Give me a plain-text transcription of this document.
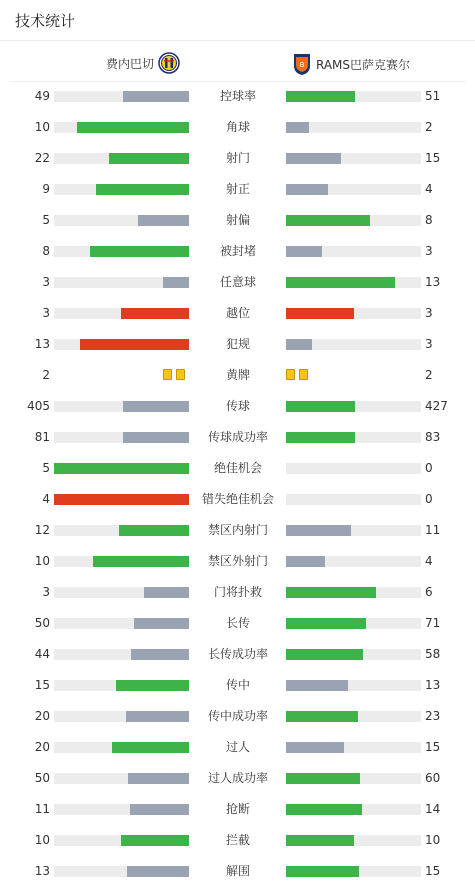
技术统计
费内巴切	B RAMS巴萨克赛尔
49	控球率	51
10	角球	2
22	射门	15
9	射正	4
5	射偏	8
8	被封堵	3
3	任意球	13
3	越位	3
13	犯规	3
2	黄牌	2
405	传球	427
81	传球成功率	83
5	绝佳机会	0
4	错失绝佳机会	0
12	禁区内射门	11
10	禁区外射门	4
3	门将扑救	6
50	长传	71
44	长传成功率	58
15	传中	13
20	传中成功率	23
20	过人	15
50	过人成功率	60
11	抢断	14
10	拦截	10
13	解围	15
